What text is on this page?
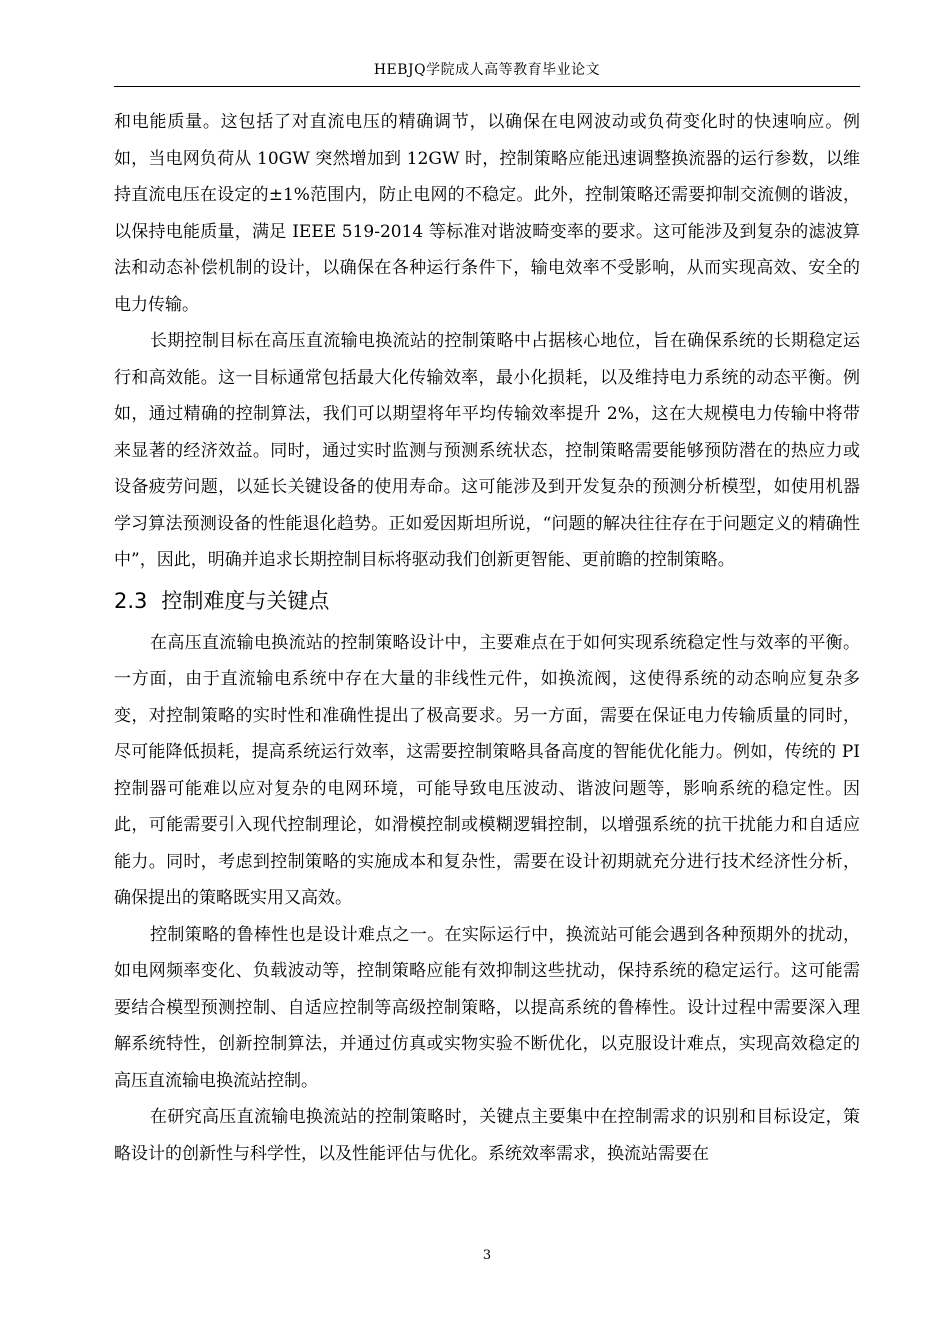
HEBJQ学院成人高等教育毕业论文

和电能质量。这包括了对直流电压的精确调节，以确保在电网波动或负荷变化时的快速响应。例如，当电网负荷从 10GW 突然增加到 12GW 时，控制策略应能迅速调整换流器的运行参数，以维持直流电压在设定的±1%范围内，防止电网的不稳定。此外，控制策略还需要抑制交流侧的谐波，以保持电能质量，满足 IEEE 519-2014 等标准对谐波畸变率的要求。这可能涉及到复杂的滤波算法和动态补偿机制的设计，以确保在各种运行条件下，输电效率不受影响，从而实现高效、安全的电力传输。

长期控制目标在高压直流输电换流站的控制策略中占据核心地位，旨在确保系统的长期稳定运行和高效能。这一目标通常包括最大化传输效率，最小化损耗，以及维持电力系统的动态平衡。例如，通过精确的控制算法，我们可以期望将年平均传输效率提升 2%，这在大规模电力传输中将带来显著的经济效益。同时，通过实时监测与预测系统状态，控制策略需要能够预防潜在的热应力或设备疲劳问题，以延长关键设备的使用寿命。这可能涉及到开发复杂的预测分析模型，如使用机器学习算法预测设备的性能退化趋势。正如爱因斯坦所说，“问题的解决往往存在于问题定义的精确性中”，因此，明确并追求长期控制目标将驱动我们创新更智能、更前瞻的控制策略。

2.3 控制难度与关键点

在高压直流输电换流站的控制策略设计中，主要难点在于如何实现系统稳定性与效率的平衡。一方面，由于直流输电系统中存在大量的非线性元件，如换流阀，这使得系统的动态响应复杂多变，对控制策略的实时性和准确性提出了极高要求。另一方面，需要在保证电力传输质量的同时，尽可能降低损耗，提高系统运行效率，这需要控制策略具备高度的智能优化能力。例如，传统的 PI 控制器可能难以应对复杂的电网环境，可能导致电压波动、谐波问题等，影响系统的稳定性。因此，可能需要引入现代控制理论，如滑模控制或模糊逻辑控制，以增强系统的抗干扰能力和自适应能力。同时，考虑到控制策略的实施成本和复杂性，需要在设计初期就充分进行技术经济性分析，确保提出的策略既实用又高效。

控制策略的鲁棒性也是设计难点之一。在实际运行中，换流站可能会遇到各种预期外的扰动，如电网频率变化、负载波动等，控制策略应能有效抑制这些扰动，保持系统的稳定运行。这可能需要结合模型预测控制、自适应控制等高级控制策略，以提高系统的鲁棒性。设计过程中需要深入理解系统特性，创新控制算法，并通过仿真或实物实验不断优化，以克服设计难点，实现高效稳定的高压直流输电换流站控制。

在研究高压直流输电换流站的控制策略时，关键点主要集中在控制需求的识别和目标设定，策略设计的创新性与科学性，以及性能评估与优化。系统效率需求，换流站需要在

3
